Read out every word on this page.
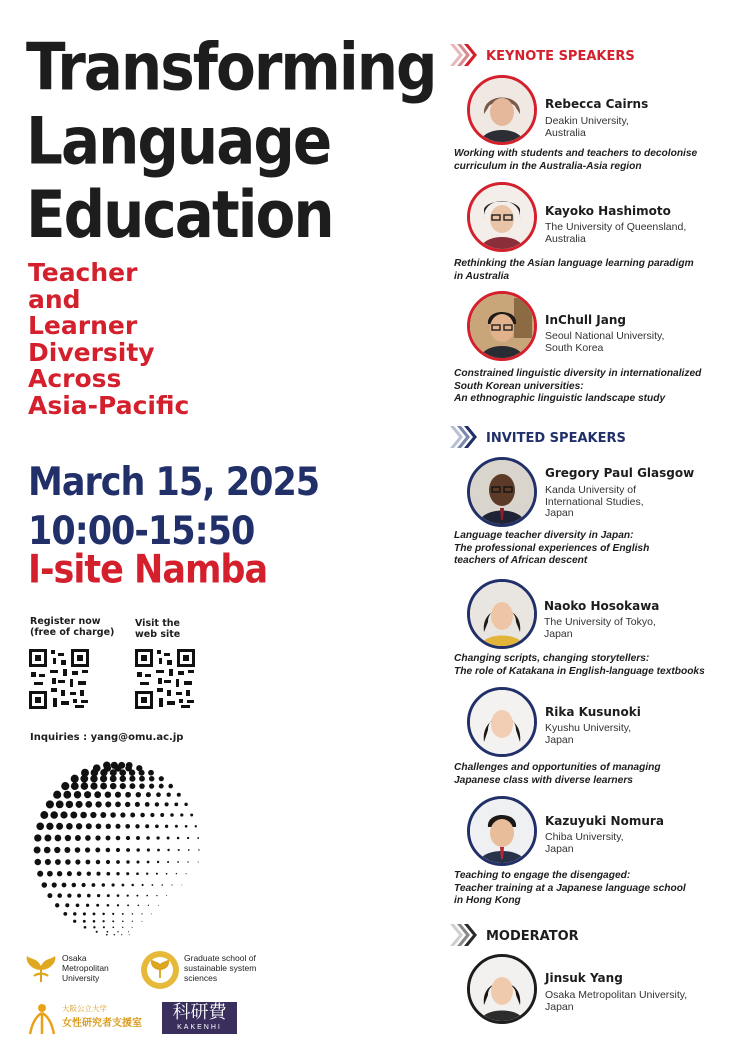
Transforming
Language
Education
Teacher
and
Learner
Diversity
Across
Asia-Pacific
March 15, 2025
10:00-15:50
I-site Namba
Register now
(free of charge)
Visit the
web site
Inquiries : yang@omu.ac.jp
Osaka
Metropolitan
University
Graduate school of
sustainable system
sciences
大阪公立大学
女性研究者支援室
科研費
KAKENHI
KEYNOTE SPEAKERS
Rebecca Cairns
Deakin University,
Australia
Working with students and teachers to decolonise
curriculum in the Australia-Asia region
Kayoko Hashimoto
The University of Queensland,
Australia
Rethinking the Asian language learning paradigm
in Australia
InChull Jang
Seoul National University,
South Korea
Constrained linguistic diversity in internationalized
South Korean universities:
An ethnographic linguistic landscape study
INVITED SPEAKERS
Gregory Paul Glasgow
Kanda University of
International Studies,
Japan
Language teacher diversity in Japan:
The professional experiences of English
teachers of African descent
Naoko Hosokawa
The University of Tokyo,
Japan
Changing scripts, changing storytellers:
The role of Katakana in English-language textbooks
Rika Kusunoki
Kyushu University,
Japan
Challenges and opportunities of managing
Japanese class with diverse learners
Kazuyuki Nomura
Chiba University,
Japan
Teaching to engage the disengaged:
Teacher training at a Japanese language school
in Hong Kong
MODERATOR
Jinsuk Yang
Osaka Metropolitan University,
Japan
